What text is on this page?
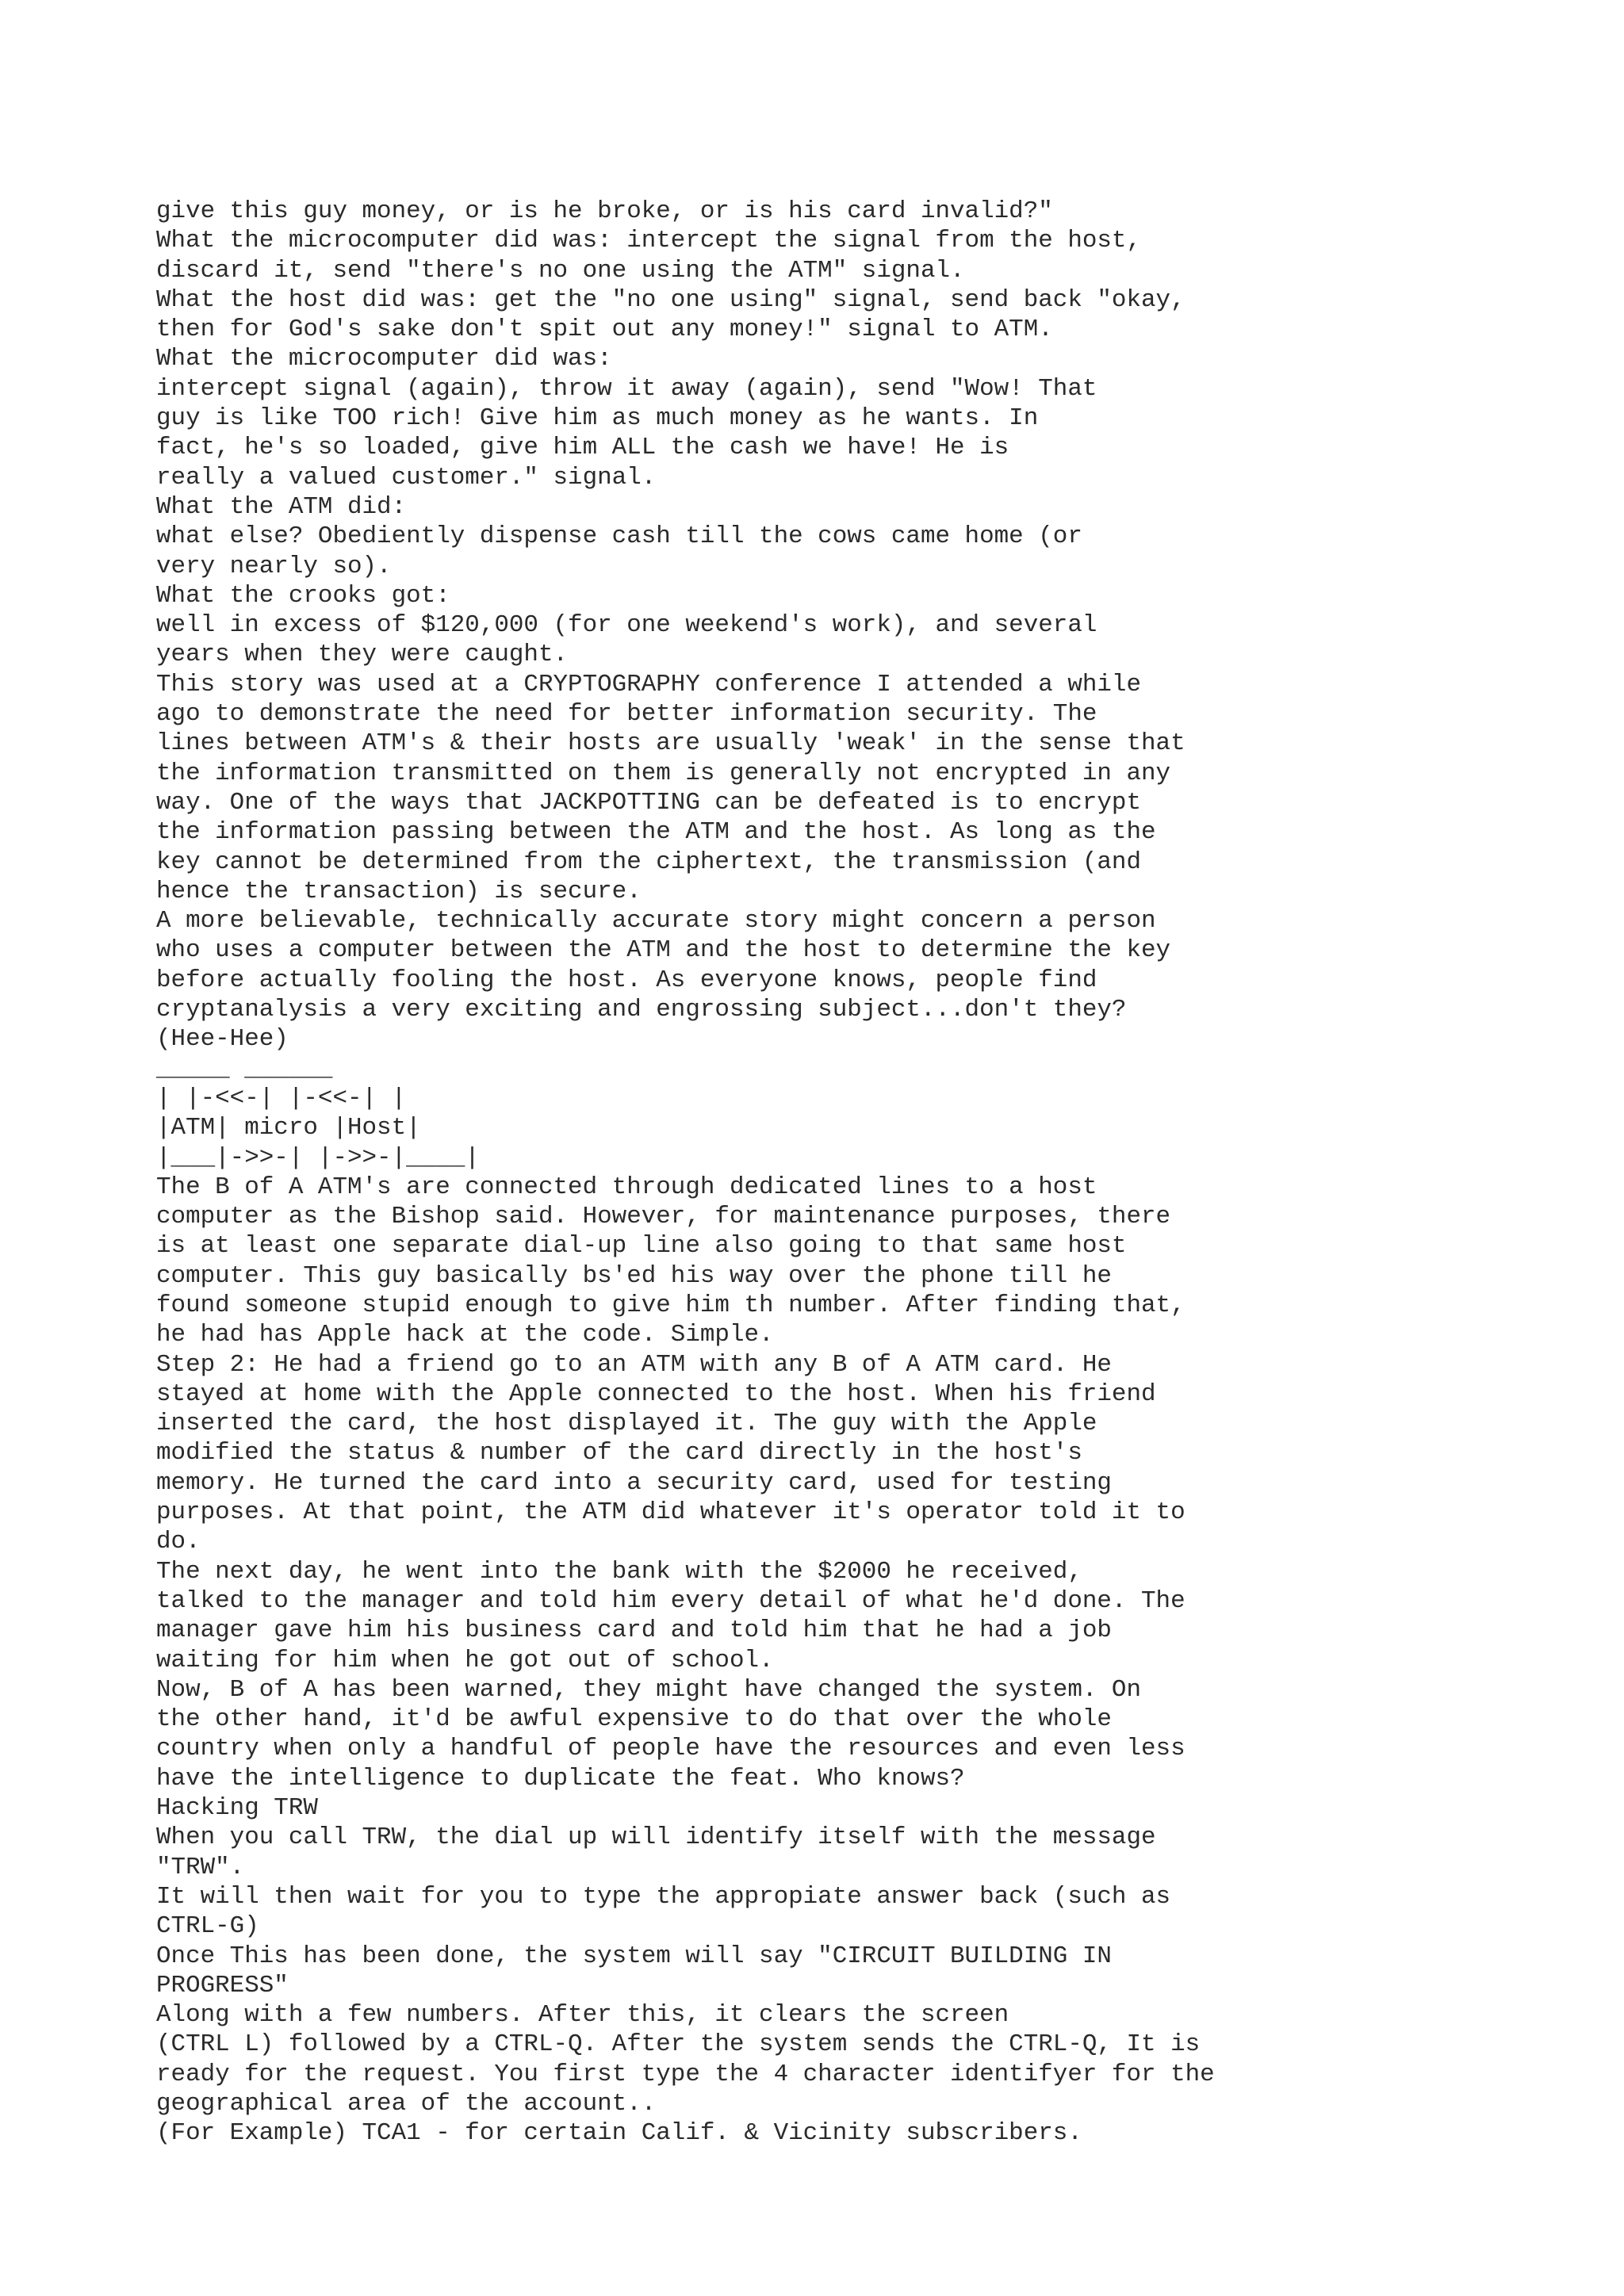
give this guy money, or is he broke, or is his card invalid?"
What the microcomputer did was: intercept the signal from the host,
discard it, send "there's no one using the ATM" signal.
What the host did was: get the "no one using" signal, send back "okay,
then for God's sake don't spit out any money!" signal to ATM.
What the microcomputer did was:
intercept signal (again), throw it away (again), send "Wow! That
guy is like TOO rich! Give him as much money as he wants. In
fact, he's so loaded, give him ALL the cash we have! He is
really a valued customer." signal.
What the ATM did:
what else? Obediently dispense cash till the cows came home (or
very nearly so).
What the crooks got:
well in excess of $120,000 (for one weekend's work), and several
years when they were caught.
This story was used at a CRYPTOGRAPHY conference I attended a while
ago to demonstrate the need for better information security. The
lines between ATM's & their hosts are usually 'weak' in the sense that
the information transmitted on them is generally not encrypted in any
way. One of the ways that JACKPOTTING can be defeated is to encrypt
the information passing between the ATM and the host. As long as the
key cannot be determined from the ciphertext, the transmission (and
hence the transaction) is secure.
A more believable, technically accurate story might concern a person
who uses a computer between the ATM and the host to determine the key
before actually fooling the host. As everyone knows, people find
cryptanalysis a very exciting and engrossing subject...don't they?
(Hee-Hee)
_____ ______
| |-<<-| |-<<-| |
|ATM| micro |Host|
|___|->>-| |->>-|____|
The B of A ATM's are connected through dedicated lines to a host
computer as the Bishop said. However, for maintenance purposes, there
is at least one separate dial-up line also going to that same host
computer. This guy basically bs'ed his way over the phone till he
found someone stupid enough to give him th number. After finding that,
he had has Apple hack at the code. Simple.
Step 2: He had a friend go to an ATM with any B of A ATM card. He
stayed at home with the Apple connected to the host. When his friend
inserted the card, the host displayed it. The guy with the Apple
modified the status & number of the card directly in the host's
memory. He turned the card into a security card, used for testing
purposes. At that point, the ATM did whatever it's operator told it to
do.
The next day, he went into the bank with the $2000 he received,
talked to the manager and told him every detail of what he'd done. The
manager gave him his business card and told him that he had a job
waiting for him when he got out of school.
Now, B of A has been warned, they might have changed the system. On
the other hand, it'd be awful expensive to do that over the whole
country when only a handful of people have the resources and even less
have the intelligence to duplicate the feat. Who knows?
Hacking TRW
When you call TRW, the dial up will identify itself with the message
"TRW".
It will then wait for you to type the appropiate answer back (such as
CTRL-G)
Once This has been done, the system will say "CIRCUIT BUILDING IN
PROGRESS"
Along with a few numbers. After this, it clears the screen
(CTRL L) followed by a CTRL-Q. After the system sends the CTRL-Q, It is
ready for the request. You first type the 4 character identifyer for the
geographical area of the account..
(For Example) TCA1 - for certain Calif. & Vicinity subscribers.
